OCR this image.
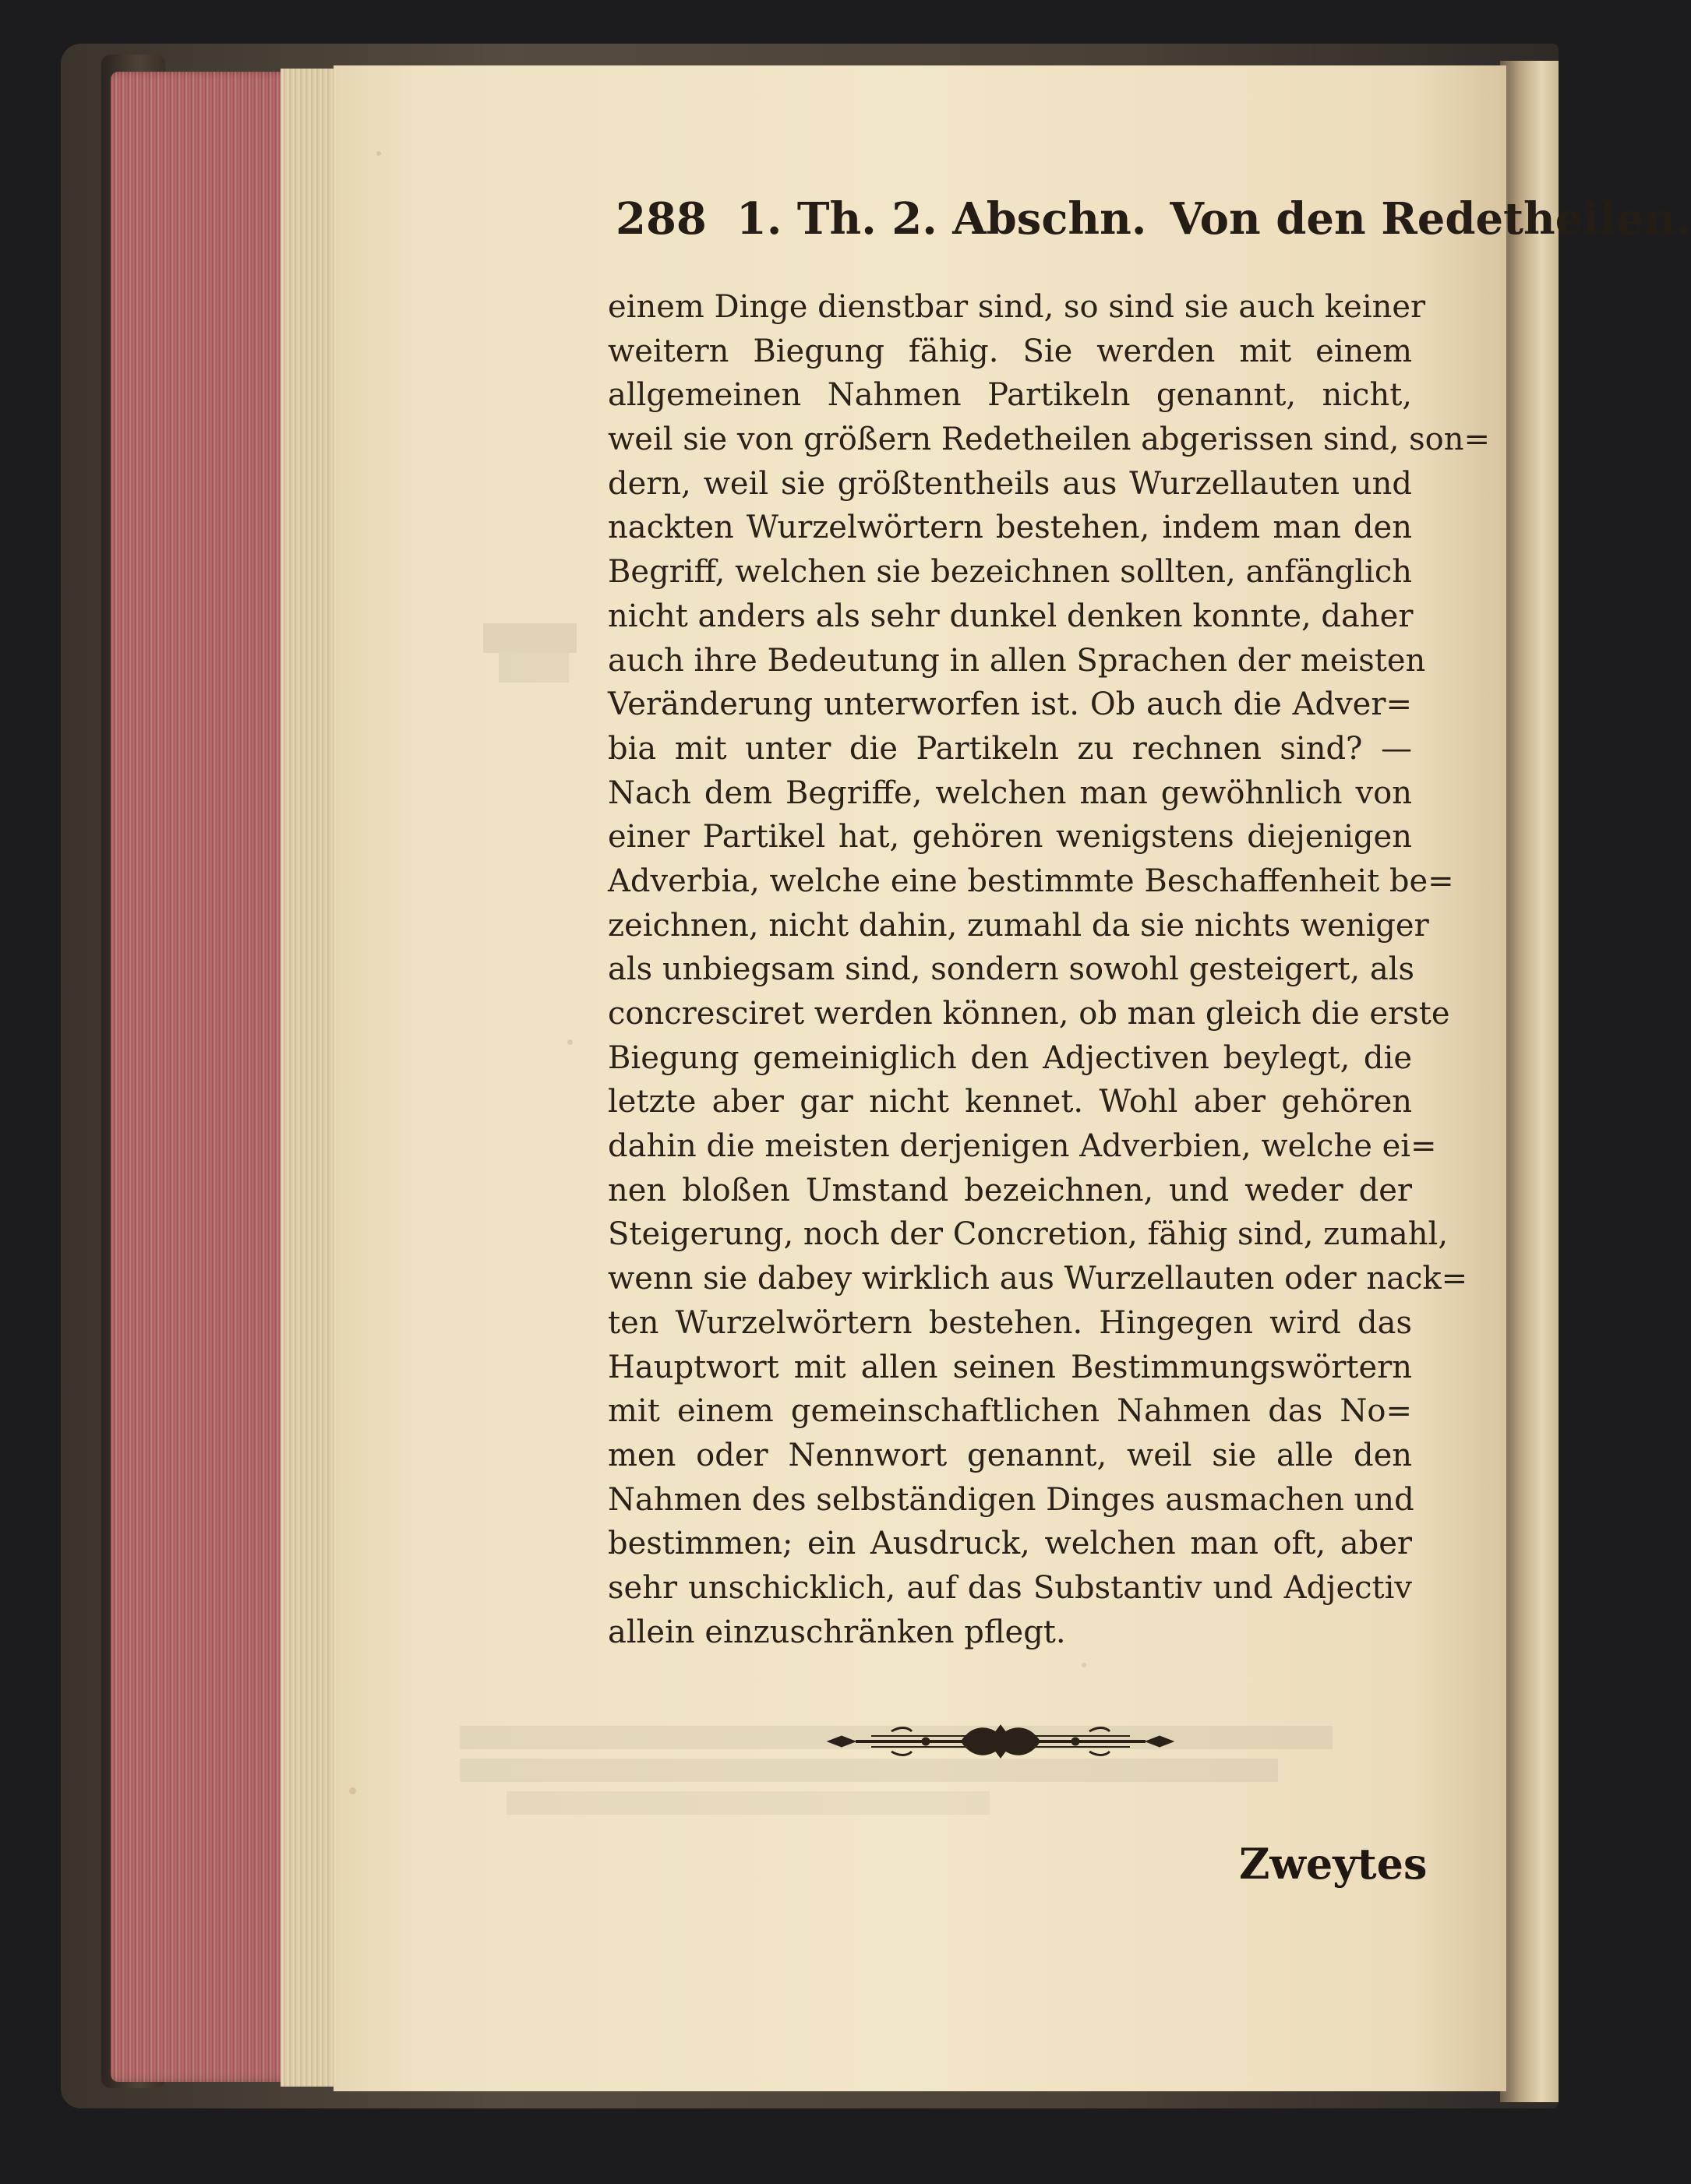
288 1. Th. 2. Abschn. Von den Redetheilen.
einem Dinge dienstbar sind, so sind sie auch keiner
weitern Biegung fähig. Sie werden mit einem
allgemeinen Nahmen Partikeln genannt, nicht,
weil sie von größern Redetheilen abgerissen sind, son=
dern, weil sie größtentheils aus Wurzellauten und
nackten Wurzelwörtern bestehen, indem man den
Begriff, welchen sie bezeichnen sollten, anfänglich
nicht anders als sehr dunkel denken konnte, daher
auch ihre Bedeutung in allen Sprachen der meisten
Veränderung unterworfen ist. Ob auch die Adver=
bia mit unter die Partikeln zu rechnen sind? —
Nach dem Begriffe, welchen man gewöhnlich von
einer Partikel hat, gehören wenigstens diejenigen
Adverbia, welche eine bestimmte Beschaffenheit be=
zeichnen, nicht dahin, zumahl da sie nichts weniger
als unbiegsam sind, sondern sowohl gesteigert, als
concresciret werden können, ob man gleich die erste
Biegung gemeiniglich den Adjectiven beylegt, die
letzte aber gar nicht kennet. Wohl aber gehören
dahin die meisten derjenigen Adverbien, welche ei=
nen bloßen Umstand bezeichnen, und weder der
Steigerung, noch der Concretion, fähig sind, zumahl,
wenn sie dabey wirklich aus Wurzellauten oder nack=
ten Wurzelwörtern bestehen. Hingegen wird das
Hauptwort mit allen seinen Bestimmungswörtern
mit einem gemeinschaftlichen Nahmen das No=
men oder Nennwort genannt, weil sie alle den
Nahmen des selbständigen Dinges ausmachen und
bestimmen; ein Ausdruck, welchen man oft, aber
sehr unschicklich, auf das Substantiv und Adjectiv
allein einzuschränken pflegt.
Zweytes
